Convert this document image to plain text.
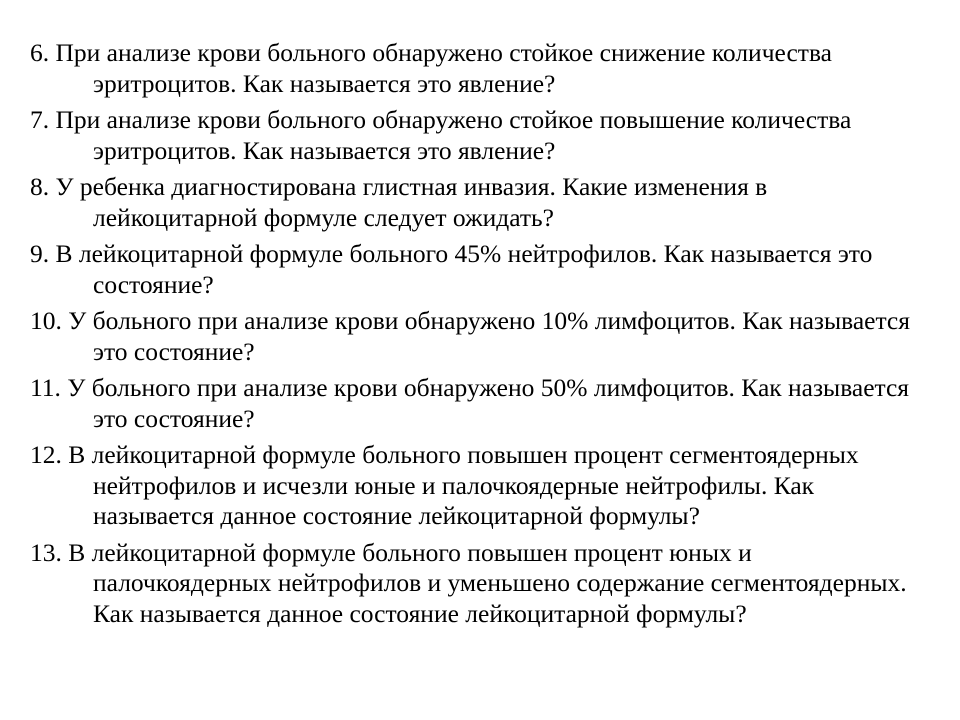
6. При анализе крови больного обнаружено стойкое снижение количества эритроцитов. Как называется это явление?
7. При анализе крови больного обнаружено стойкое повышение количества эритроцитов. Как называется это явление?
8. У ребенка диагностирована глистная инвазия. Какие изменения в лейкоцитарной формуле следует ожидать?
9. В лейкоцитарной формуле больного 45% нейтрофилов. Как называется это состояние?
10. У больного при анализе крови обнаружено 10% лимфоцитов. Как называется это состояние?
11. У больного при анализе крови обнаружено 50% лимфоцитов. Как называется это состояние?
12. В лейкоцитарной формуле больного повышен процент сегментоядерных нейтрофилов и исчезли юные и палочкоядерные нейтрофилы. Как называется данное состояние лейкоцитарной формулы?
13. В лейкоцитарной формуле больного повышен процент юных и палочкоядерных нейтрофилов и уменьшено содержание сегментоядерных. Как называется данное состояние лейкоцитарной формулы?
